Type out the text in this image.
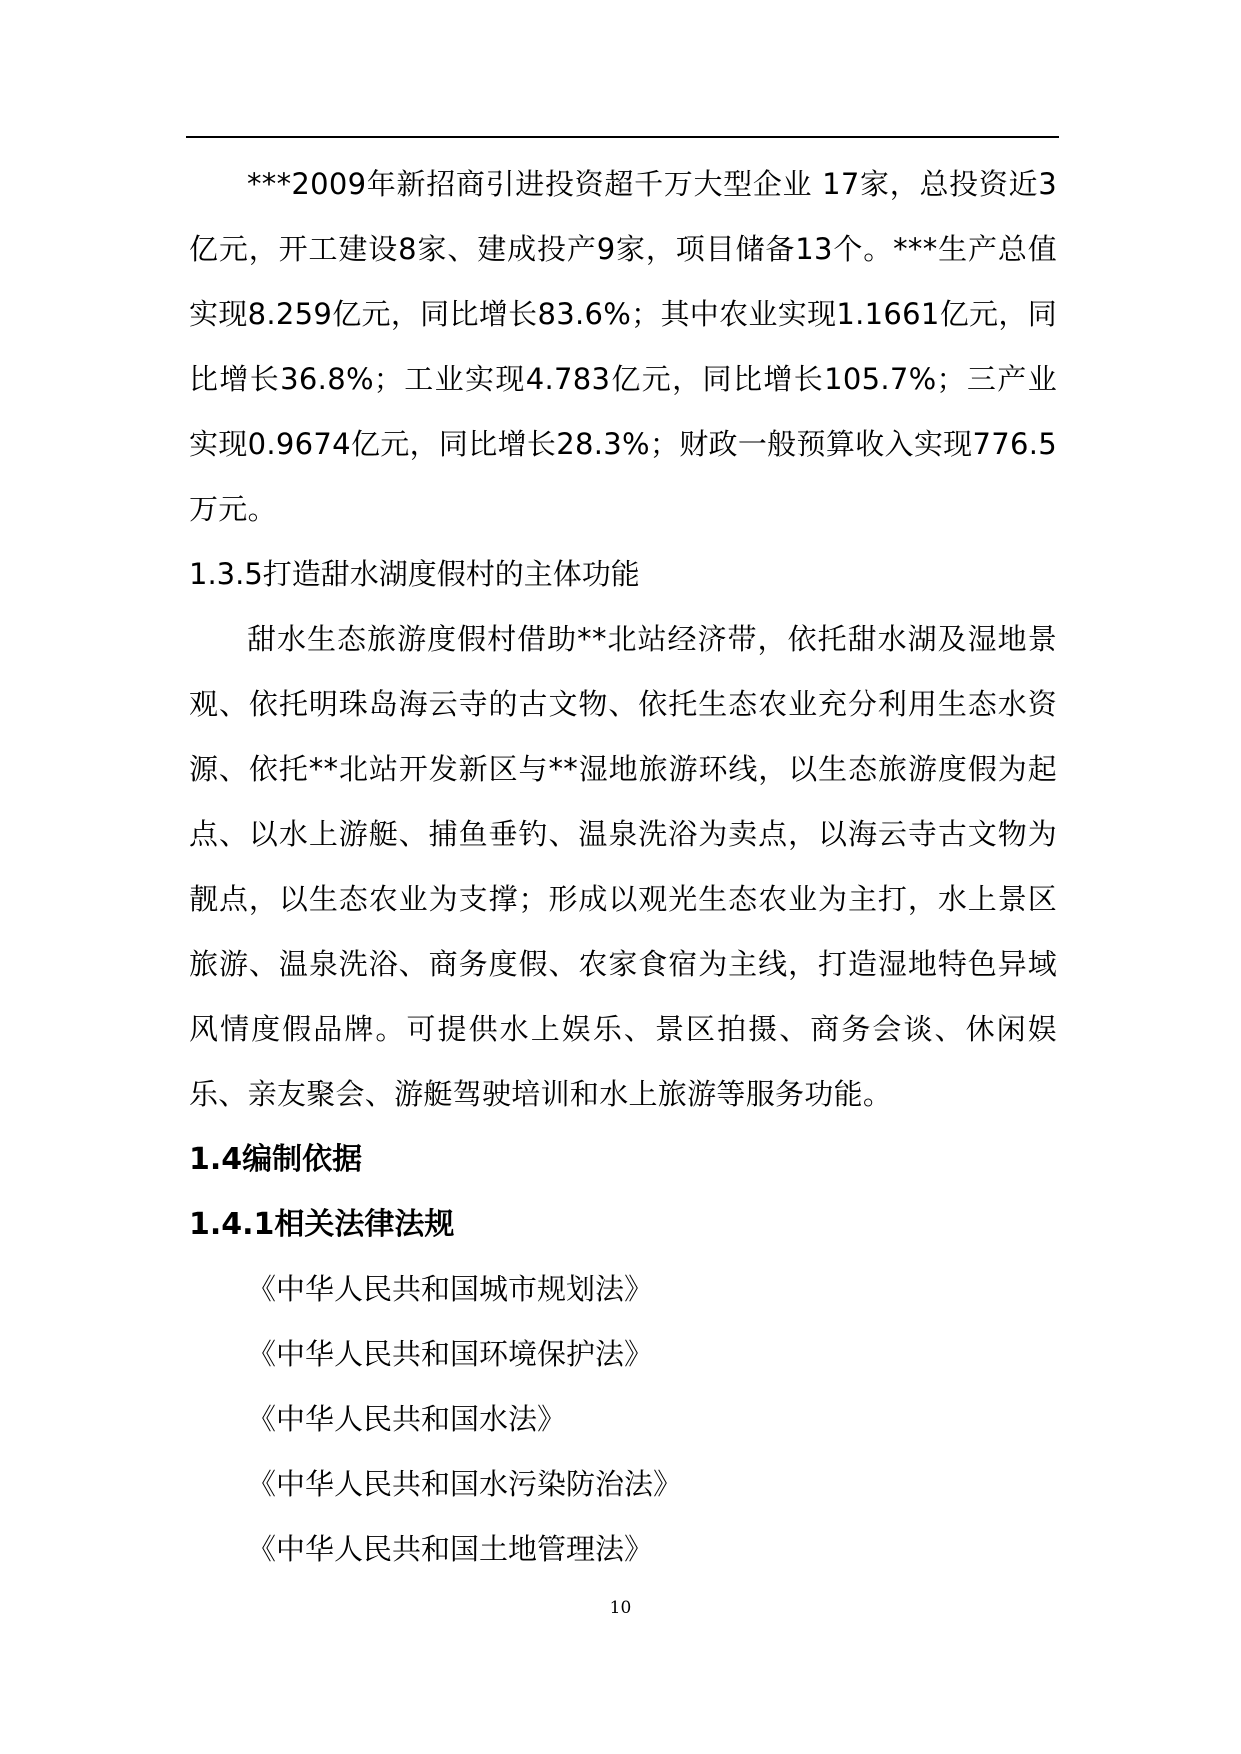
***2009年新招商引进投资超千万大型企业 17家，总投资近3亿元，开工建设8家、建成投产9家，项目储备13个。***生产总值实现8.259亿元，同比增长83.6%；其中农业实现1.1661亿元，同比增长36.8%；工业实现4.783亿元，同比增长105.7%；三产业实现0.9674亿元，同比增长28.3%；财政一般预算收入实现776.5万元。

1.3.5打造甜水湖度假村的主体功能

甜水生态旅游度假村借助**北站经济带，依托甜水湖及湿地景观、依托明珠岛海云寺的古文物、依托生态农业充分利用生态水资源、依托**北站开发新区与**湿地旅游环线，以生态旅游度假为起点、以水上游艇、捕鱼垂钓、温泉洗浴为卖点，以海云寺古文物为靓点，以生态农业为支撑；形成以观光生态农业为主打，水上景区旅游、温泉洗浴、商务度假、农家食宿为主线，打造湿地特色异域风情度假品牌。可提供水上娱乐、景区拍摄、商务会谈、休闲娱乐、亲友聚会、游艇驾驶培训和水上旅游等服务功能。

1.4编制依据

1.4.1相关法律法规

《中华人民共和国城市规划法》
《中华人民共和国环境保护法》
《中华人民共和国水法》
《中华人民共和国水污染防治法》
《中华人民共和国土地管理法》
10
